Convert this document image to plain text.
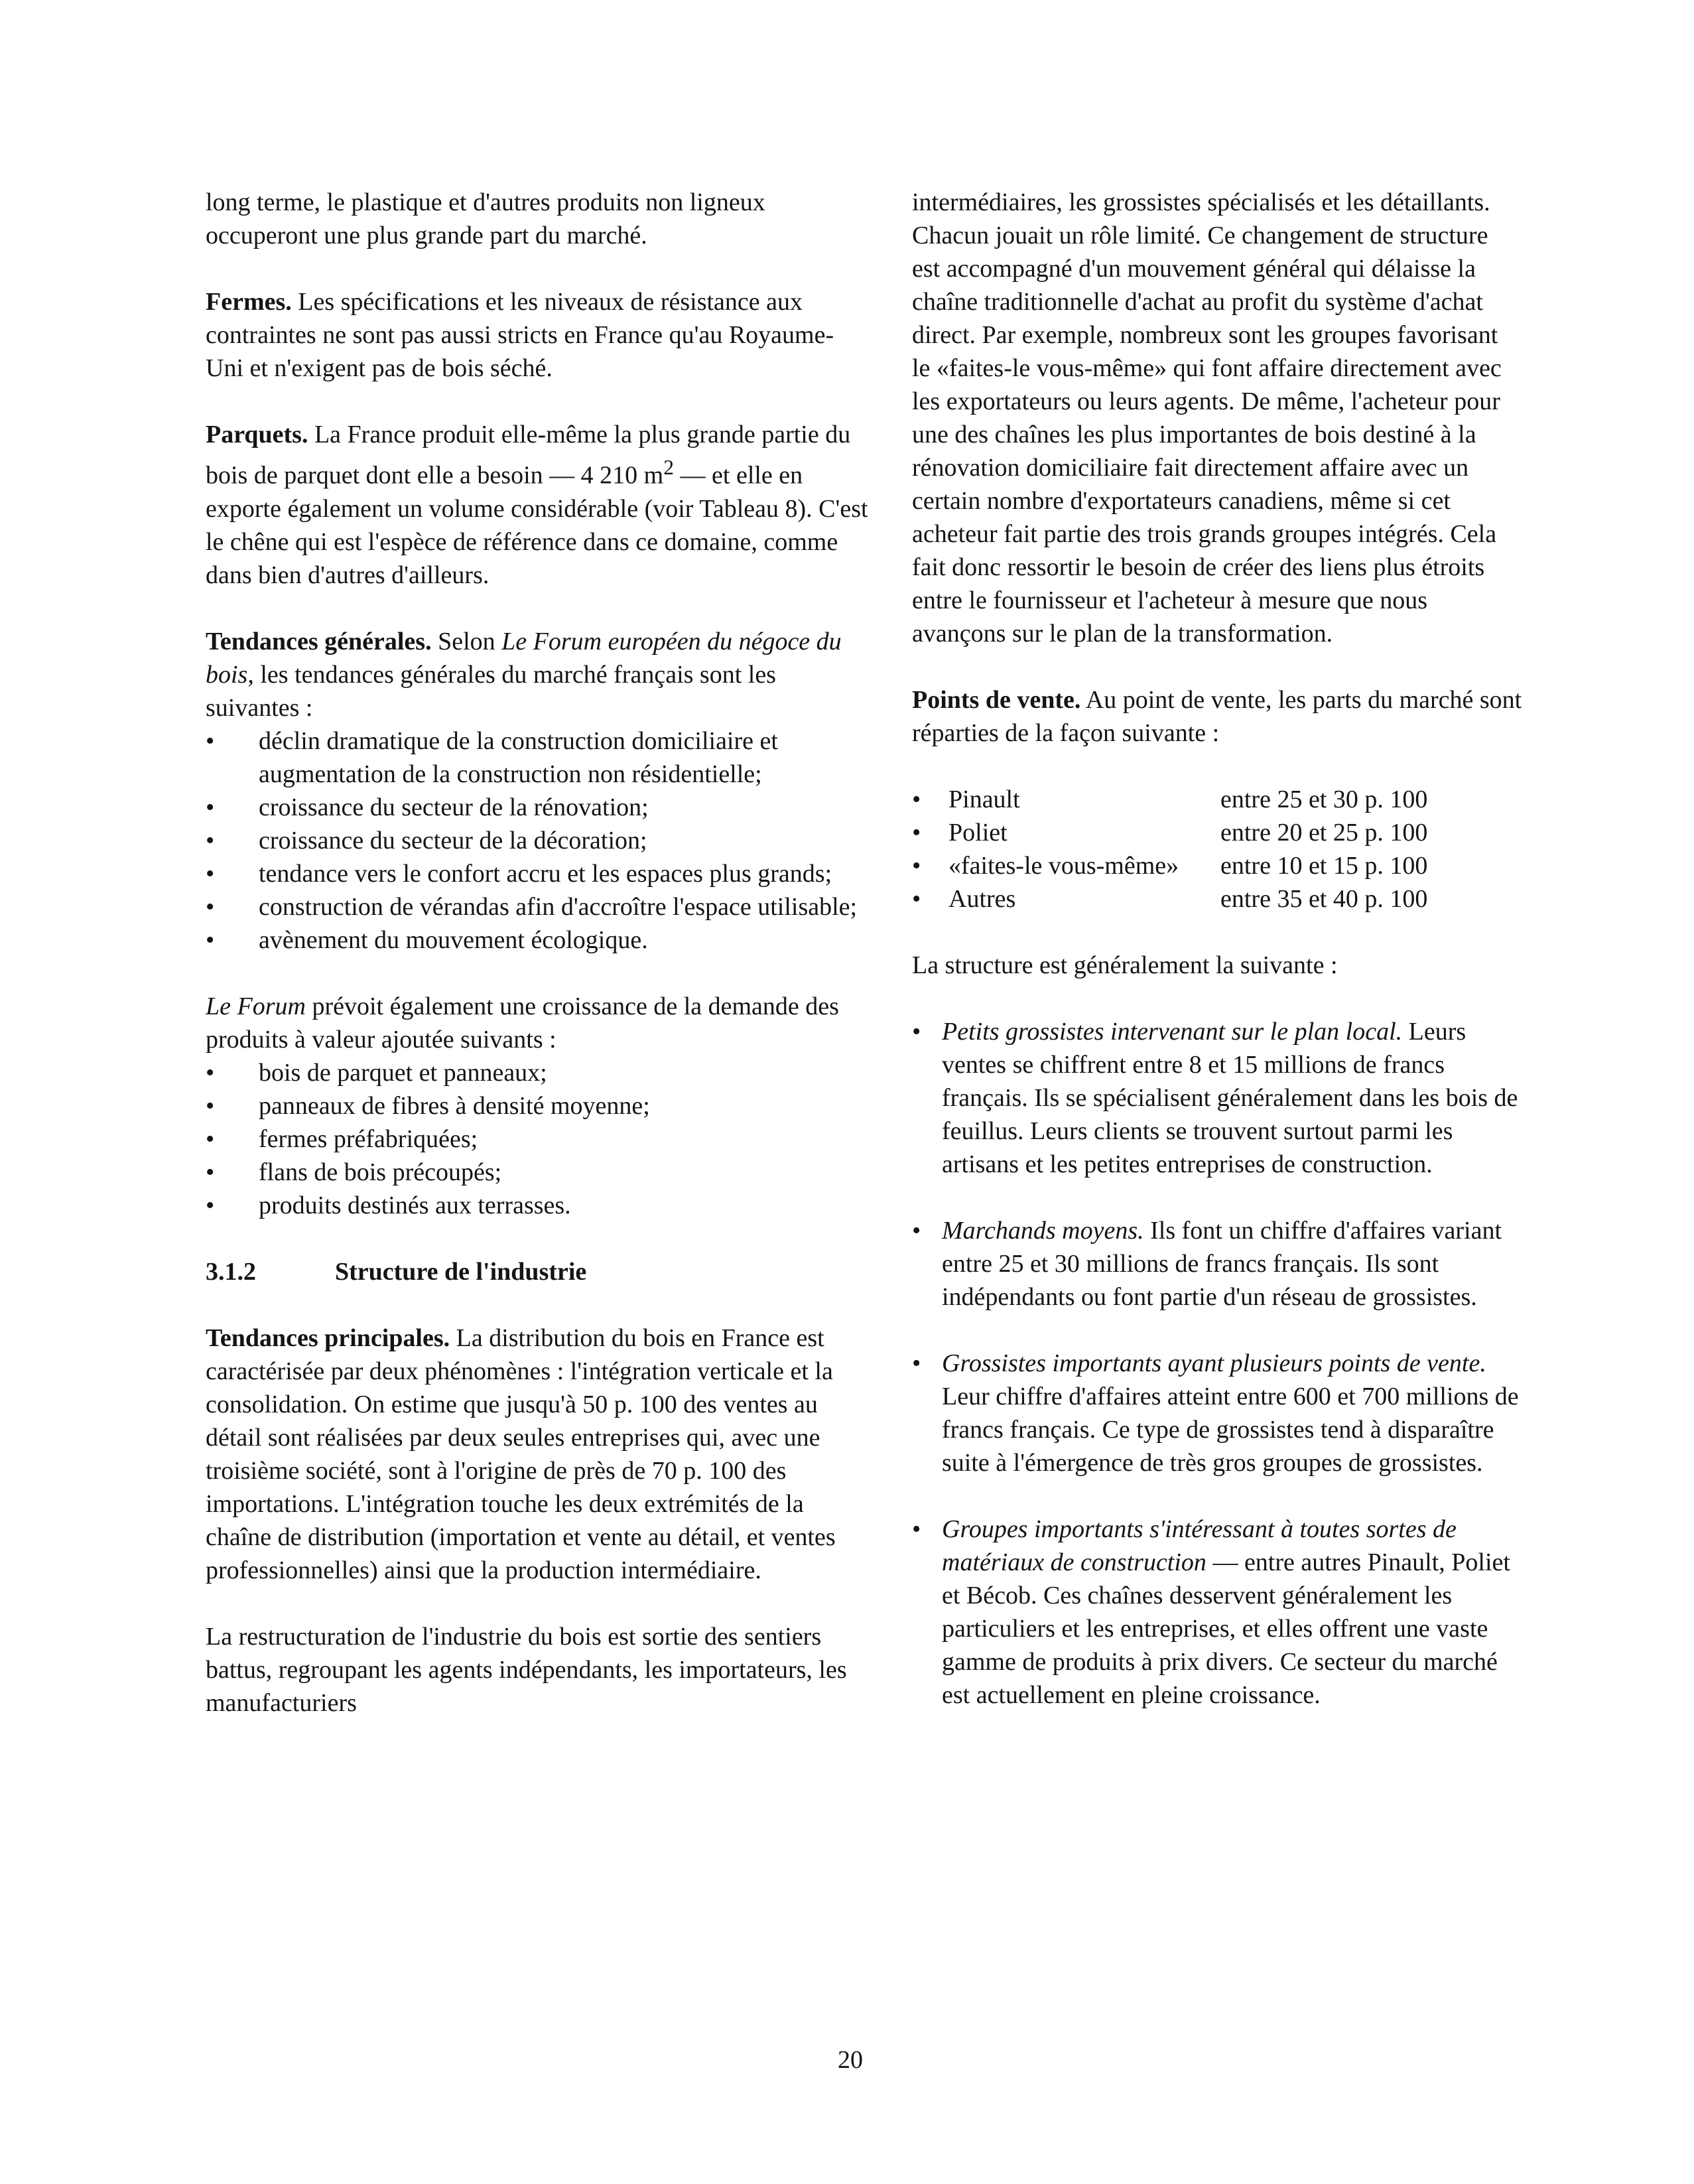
long terme, le plastique et d'autres produits non ligneux occuperont une plus grande part du marché.

Fermes. Les spécifications et les niveaux de résistance aux contraintes ne sont pas aussi stricts en France qu'au Royaume-Uni et n'exigent pas de bois séché.

Parquets. La France produit elle-même la plus grande partie du bois de parquet dont elle a besoin — 4 210 $m^2$ — et elle en exporte également un volume considérable (voir Tableau 8). C'est le chêne qui est l'espèce de référence dans ce domaine, comme dans bien d'autres d'ailleurs.

Tendances générales. Selon Le Forum européen du négoce du bois, les tendances générales du marché français sont les suivantes :

• déclin dramatique de la construction domiciliaire et augmentation de la construction non résidentielle;
• croissance du secteur de la rénovation;
• croissance du secteur de la décoration;
• tendance vers le confort accru et les espaces plus grands;
• construction de vérandas afin d'accroître l'espace utilisable;
• avènement du mouvement écologique.

Le Forum prévoit également une croissance de la demande des produits à valeur ajoutée suivants :

• bois de parquet et panneaux;
• panneaux de fibres à densité moyenne;
• fermes préfabriquées;
• flans de bois précoupés;
• produits destinés aux terrasses.
3.1.2	Structure de l'industrie

Tendances principales. La distribution du bois en France est caractérisée par deux phénomènes : l'intégration verticale et la consolidation. On estime que jusqu'à 50 p. 100 des ventes au détail sont réalisées par deux seules entreprises qui, avec une troisième société, sont à l'origine de près de 70 p. 100 des importations. L'intégration touche les deux extrémités de la chaîne de distribution (importation et vente au détail, et ventes professionnelles) ainsi que la production intermédiaire.

La restructuration de l'industrie du bois est sortie des sentiers battus, regroupant les agents indépendants, les importateurs, les manufacturiers

intermédiaires, les grossistes spécialisés et les détaillants. Chacun jouait un rôle limité. Ce changement de structure est accompagné d'un mouvement général qui délaisse la chaîne traditionnelle d'achat au profit du système d'achat direct. Par exemple, nombreux sont les groupes favorisant le «faites-le vous-même» qui font affaire directement avec les exportateurs ou leurs agents. De même, l'acheteur pour une des chaînes les plus importantes de bois destiné à la rénovation domiciliaire fait directement affaire avec un certain nombre d'exportateurs canadiens, même si cet acheteur fait partie des trois grands groupes intégrés. Cela fait donc ressortir le besoin de créer des liens plus étroits entre le fournisseur et l'acheteur à mesure que nous avançons sur le plan de la transformation.

Points de vente. Au point de vente, les parts du marché sont réparties de la façon suivante :

• Pinault	entre 25 et 30 p. 100
• Poliet	entre 20 et 25 p. 100
• «faites-le vous-même» entre 10 et 15 p. 100
• Autres	entre 35 et 40 p. 100

La structure est généralement la suivante :

• Petits grossistes intervenant sur le plan local. Leurs ventes se chiffrent entre 8 et 15 millions de francs français. Ils se spécialisent généralement dans les bois de feuillus. Leurs clients se trouvent surtout parmi les artisans et les petites entreprises de construction.
• Marchands moyens. Ils font un chiffre d'affaires variant entre 25 et 30 millions de francs français. Ils sont indépendants ou font partie d'un réseau de grossistes.
• Grossistes importants ayant plusieurs points de vente. Leur chiffre d'affaires atteint entre 600 et 700 millions de francs français. Ce type de grossistes tend à disparaître suite à l'émergence de très gros groupes de grossistes.
• Groupes importants s'intéressant à toutes sortes de matériaux de construction — entre autres Pinault, Poliet et Bécob. Ces chaînes desservent généralement les particuliers et les entreprises, et elles offrent une vaste gamme de produits à prix divers. Ce secteur du marché est actuellement en pleine croissance.
20
